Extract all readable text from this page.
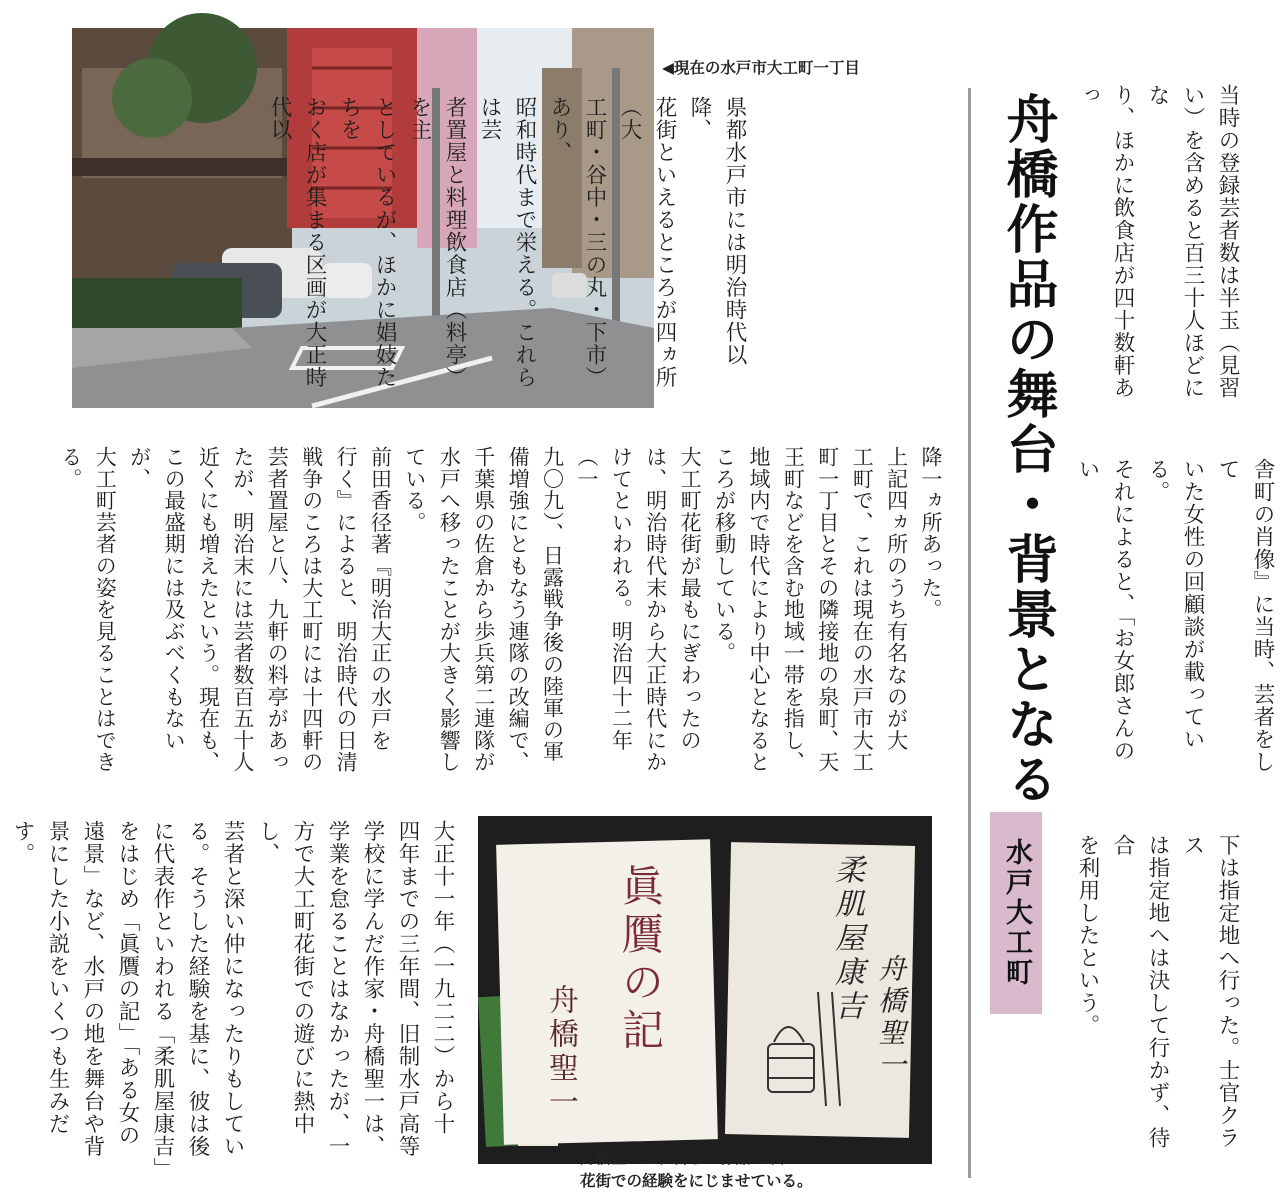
◀現在の水戸市大工町一丁目
県都水戸市には明治時代以降、
花街といえるところが四ヵ所（大
工町・谷中・三の丸・下市）あり、
昭和時代まで栄える。これらは芸
者置屋と料理飲食店（料亭）を主
としているが、ほかに娼妓たちを
おく店が集まる区画が大正時代以	舟橋作品の舞台・背景となる
水戸大工町
当時の登録芸者数は半玉（見習
い）を含めると百三十人ほどにな
り、ほかに飲食店が四十数軒あっ
舎町の肖像』に当時、芸者をして
いた女性の回顧談が載っている。
それによると、「お女郎さんのい
下は指定地へ行った。士官クラス
は指定地へは決して行かず、待合
を利用したという。
降一ヵ所あった。
上記四ヵ所のうち有名なのが大
工町で、これは現在の水戸市大工
町一丁目とその隣接地の泉町、天
王町などを含む地域一帯を指し、
地域内で時代により中心となると
ころが移動している。
大工町花街が最もにぎわったの
は、明治時代末から大正時代にか
けてといわれる。明治四十二年（一
九〇九）、日露戦争後の陸軍の軍
備増強にともなう連隊の改編で、
千葉県の佐倉から歩兵第二連隊が
水戸へ移ったことが大きく影響し
ている。
前田香径著『明治大正の水戸を
行く』によると、明治時代の日清
戦争のころは大工町には十四軒の
芸者置屋と八、九軒の料亭があっ
たが、明治末には芸者数百五十人
近くにも増えたという。現在も、
この最盛期には及ぶべくもないが、
大工町芸者の姿を見ることはでき
る。
大正十一年（一九二二）から十
四年までの三年間、旧制水戸高等
学校に学んだ作家・舟橋聖一は、
学業を怠ることはなかったが、一
方で大工町花街での遊びに熱中し、
芸者と深い仲になったりもしてい
る。そうした経験を基に、彼は後
に代表作といわれる「柔肌屋康吉」
をはじめ「眞贋の記」「ある女の
遠景」など、水戸の地を舞台や背
景にした小説をいくつも生みだす。
眞贋の記
舟橋聖一
柔肌屋康吉 舟橋聖一
舟橋聖一は、自らの作品に水戸の
花街での経験をにじませている。
